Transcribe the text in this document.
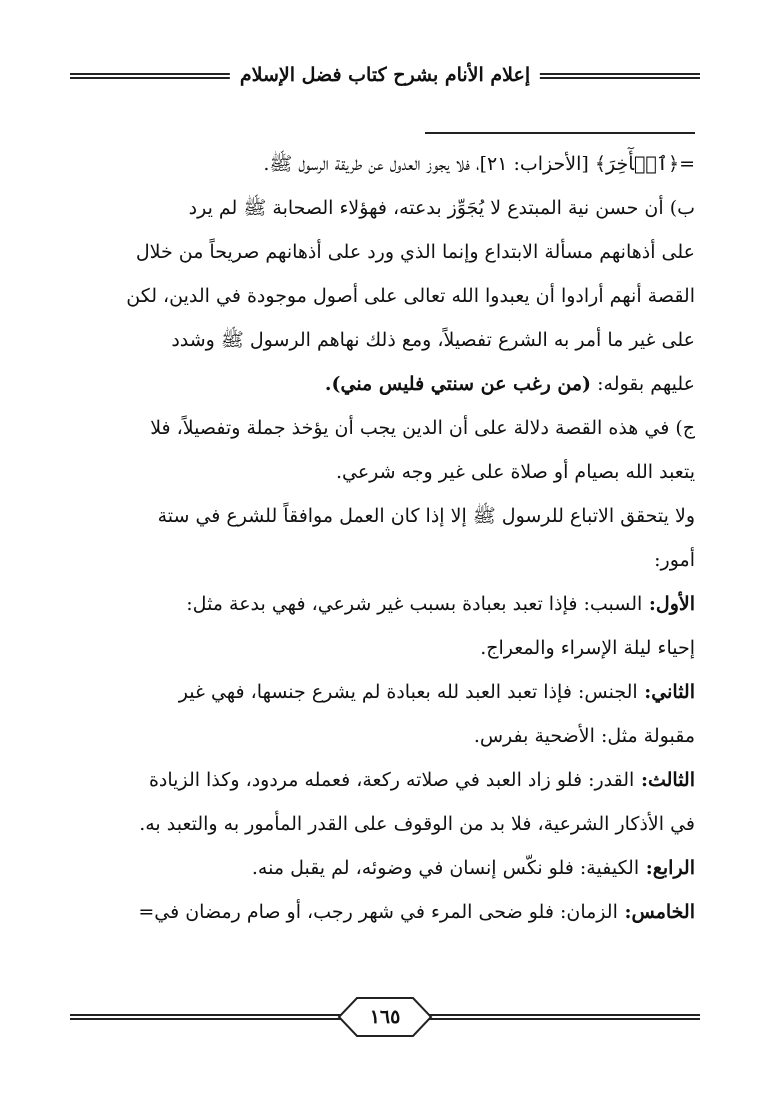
إعلام الأنام بشرح كتاب فضل الإسلام
=﴿ٱلۡأٓخِرَ﴾ [الأحزاب: ٢١]، فلا يجوز العدول عن طريقة الرسول ﷺ.
ب) أن حسن نية المبتدع لا يُجَوِّز بدعته، فهؤلاء الصحابة ﷺ لم يرد
على أذهانهم مسألة الابتداع وإنما الذي ورد على أذهانهم صريحاً من خلال
القصة أنهم أرادوا أن يعبدوا الله تعالى على أصول موجودة في الدين، لكن
على غير ما أمر به الشرع تفصيلاً، ومع ذلك نهاهم الرسول ﷺ وشدد
عليهم بقوله: (من رغب عن سنتي فليس مني).
ج) في هذه القصة دلالة على أن الدين يجب أن يؤخذ جملة وتفصيلاً، فلا
يتعبد الله بصيام أو صلاة على غير وجه شرعي.
ولا يتحقق الاتباع للرسول ﷺ إلا إذا كان العمل موافقاً للشرع في ستة
أمور:
الأول: السبب: فإذا تعبد بعبادة بسبب غير شرعي، فهي بدعة مثل:
إحياء ليلة الإسراء والمعراج.
الثاني: الجنس: فإذا تعبد العبد لله بعبادة لم يشرع جنسها، فهي غير
مقبولة مثل: الأضحية بفرس.
الثالث: القدر: فلو زاد العبد في صلاته ركعة، فعمله مردود، وكذا الزيادة
في الأذكار الشرعية، فلا بد من الوقوف على القدر المأمور به والتعبد به.
الرابع: الكيفية: فلو نكّس إنسان في وضوئه، لم يقبل منه.
الخامس: الزمان: فلو ضحى المرء في شهر رجب، أو صام رمضان في=
١٦٥
